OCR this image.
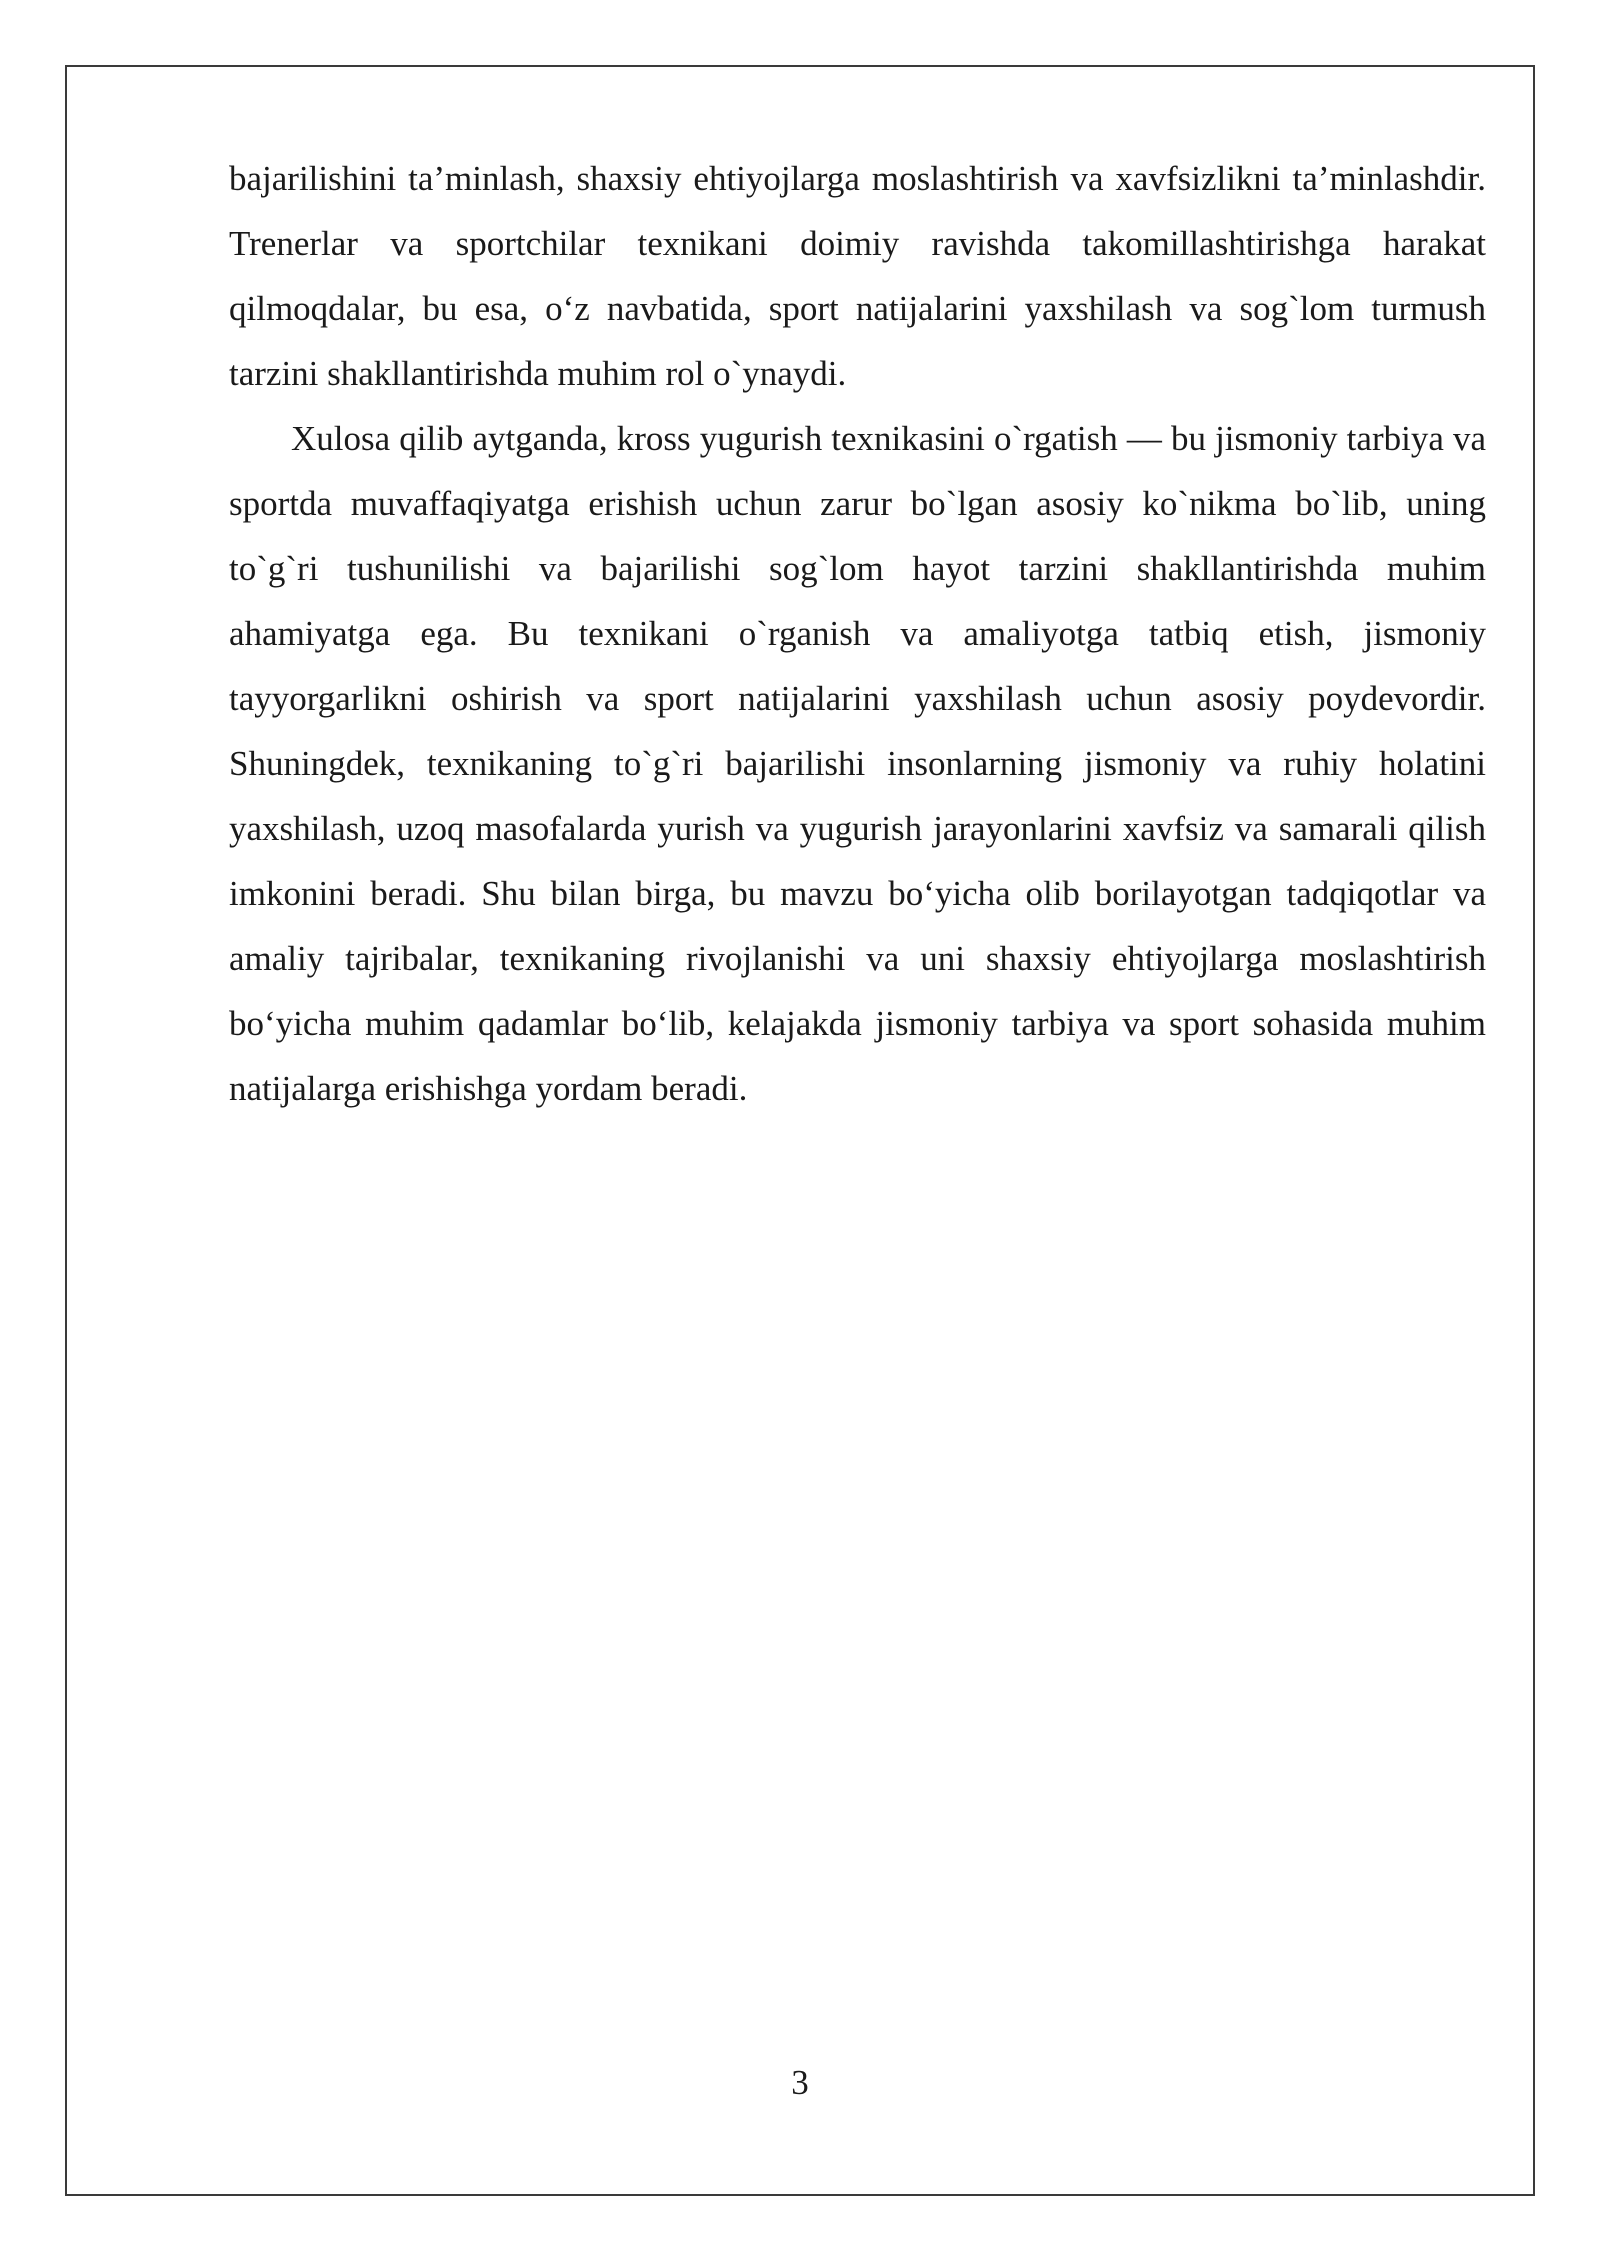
bajarilishini ta’minlash, shaxsiy ehtiyojlarga moslashtirish va xavfsizlikni ta’minlashdir. Trenerlar va sportchilar texnikani doimiy ravishda takomillashtirishga harakat qilmoqdalar, bu esa, o‘z navbatida, sport natijalarini yaxshilash va sog`lom turmush tarzini shakllantirishda muhim rol o`ynaydi.

Xulosa qilib aytganda, kross yugurish texnikasini o`rgatish — bu jismoniy tarbiya va sportda muvaffaqiyatga erishish uchun zarur bo`lgan asosiy ko`nikma bo`lib, uning to`g`ri tushunilishi va bajarilishi sog`lom hayot tarzini shakllantirishda muhim ahamiyatga ega. Bu texnikani o`rganish va amaliyotga tatbiq etish, jismoniy tayyorgarlikni oshirish va sport natijalarini yaxshilash uchun asosiy poydevordir. Shuningdek, texnikaning to`g`ri bajarilishi insonlarning jismoniy va ruhiy holatini yaxshilash, uzoq masofalarda yurish va yugurish jarayonlarini xavfsiz va samarali qilish imkonini beradi. Shu bilan birga, bu mavzu bo‘yicha olib borilayotgan tadqiqotlar va amaliy tajribalar, texnikaning rivojlanishi va uni shaxsiy ehtiyojlarga moslashtirish bo‘yicha muhim qadamlar bo‘lib, kelajakda jismoniy tarbiya va sport sohasida muhim natijalarga erishishga yordam beradi.

3
